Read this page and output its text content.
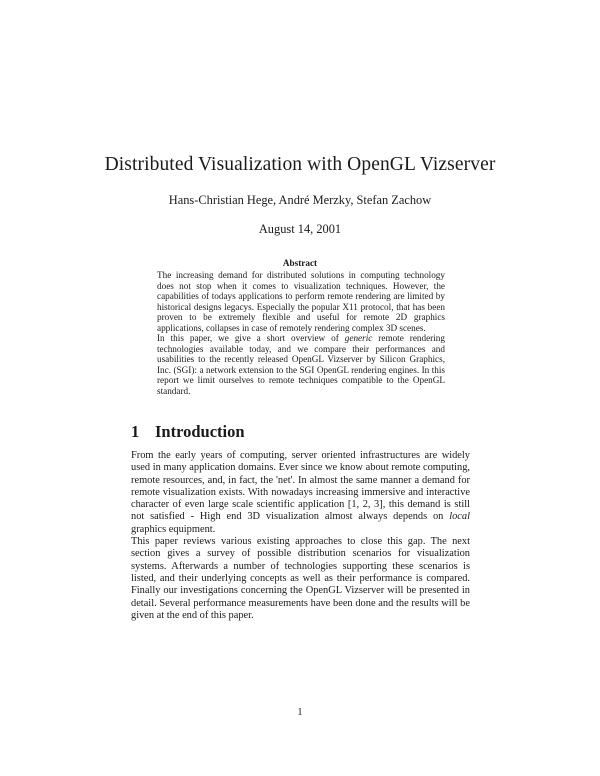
Distributed Visualization with OpenGL Vizserver
Hans-Christian Hege, André Merzky, Stefan Zachow
August 14, 2001
Abstract

The increasing demand for distributed solutions in computing technology does not stop when it comes to visualization techniques. However, the capabilities of todays applications to perform remote rendering are limited by historical designs legacys. Especially the popular X11 protocol, that has been proven to be extremely flexible and useful for remote 2D graphics applications, collapses in case of remotely rendering complex 3D scenes.

In this paper, we give a short overview of generic remote rendering technologies available today, and we compare their performances and usabilities to the recently released OpenGL Vizserver by Silicon Graphics, Inc. (SGI): a network extension to the SGI OpenGL rendering engines. In this report we limit ourselves to remote techniques compatible to the OpenGL standard.

1 Introduction

From the early years of computing, server oriented infrastructures are widely used in many application domains. Ever since we know about remote computing, remote resources, and, in fact, the 'net'. In almost the same manner a demand for remote visualization exists. With nowadays increasing immersive and interactive character of even large scale scientific application [1, 2, 3], this demand is still not satisfied - High end 3D visualization almost always depends on local graphics equipment.

This paper reviews various existing approaches to close this gap. The next section gives a survey of possible distribution scenarios for visualization systems. Afterwards a number of technologies supporting these scenarios is listed, and their underlying concepts as well as their performance is compared. Finally our investigations concerning the OpenGL Vizserver will be presented in detail. Several performance measurements have been done and the results will be given at the end of this paper.

1
